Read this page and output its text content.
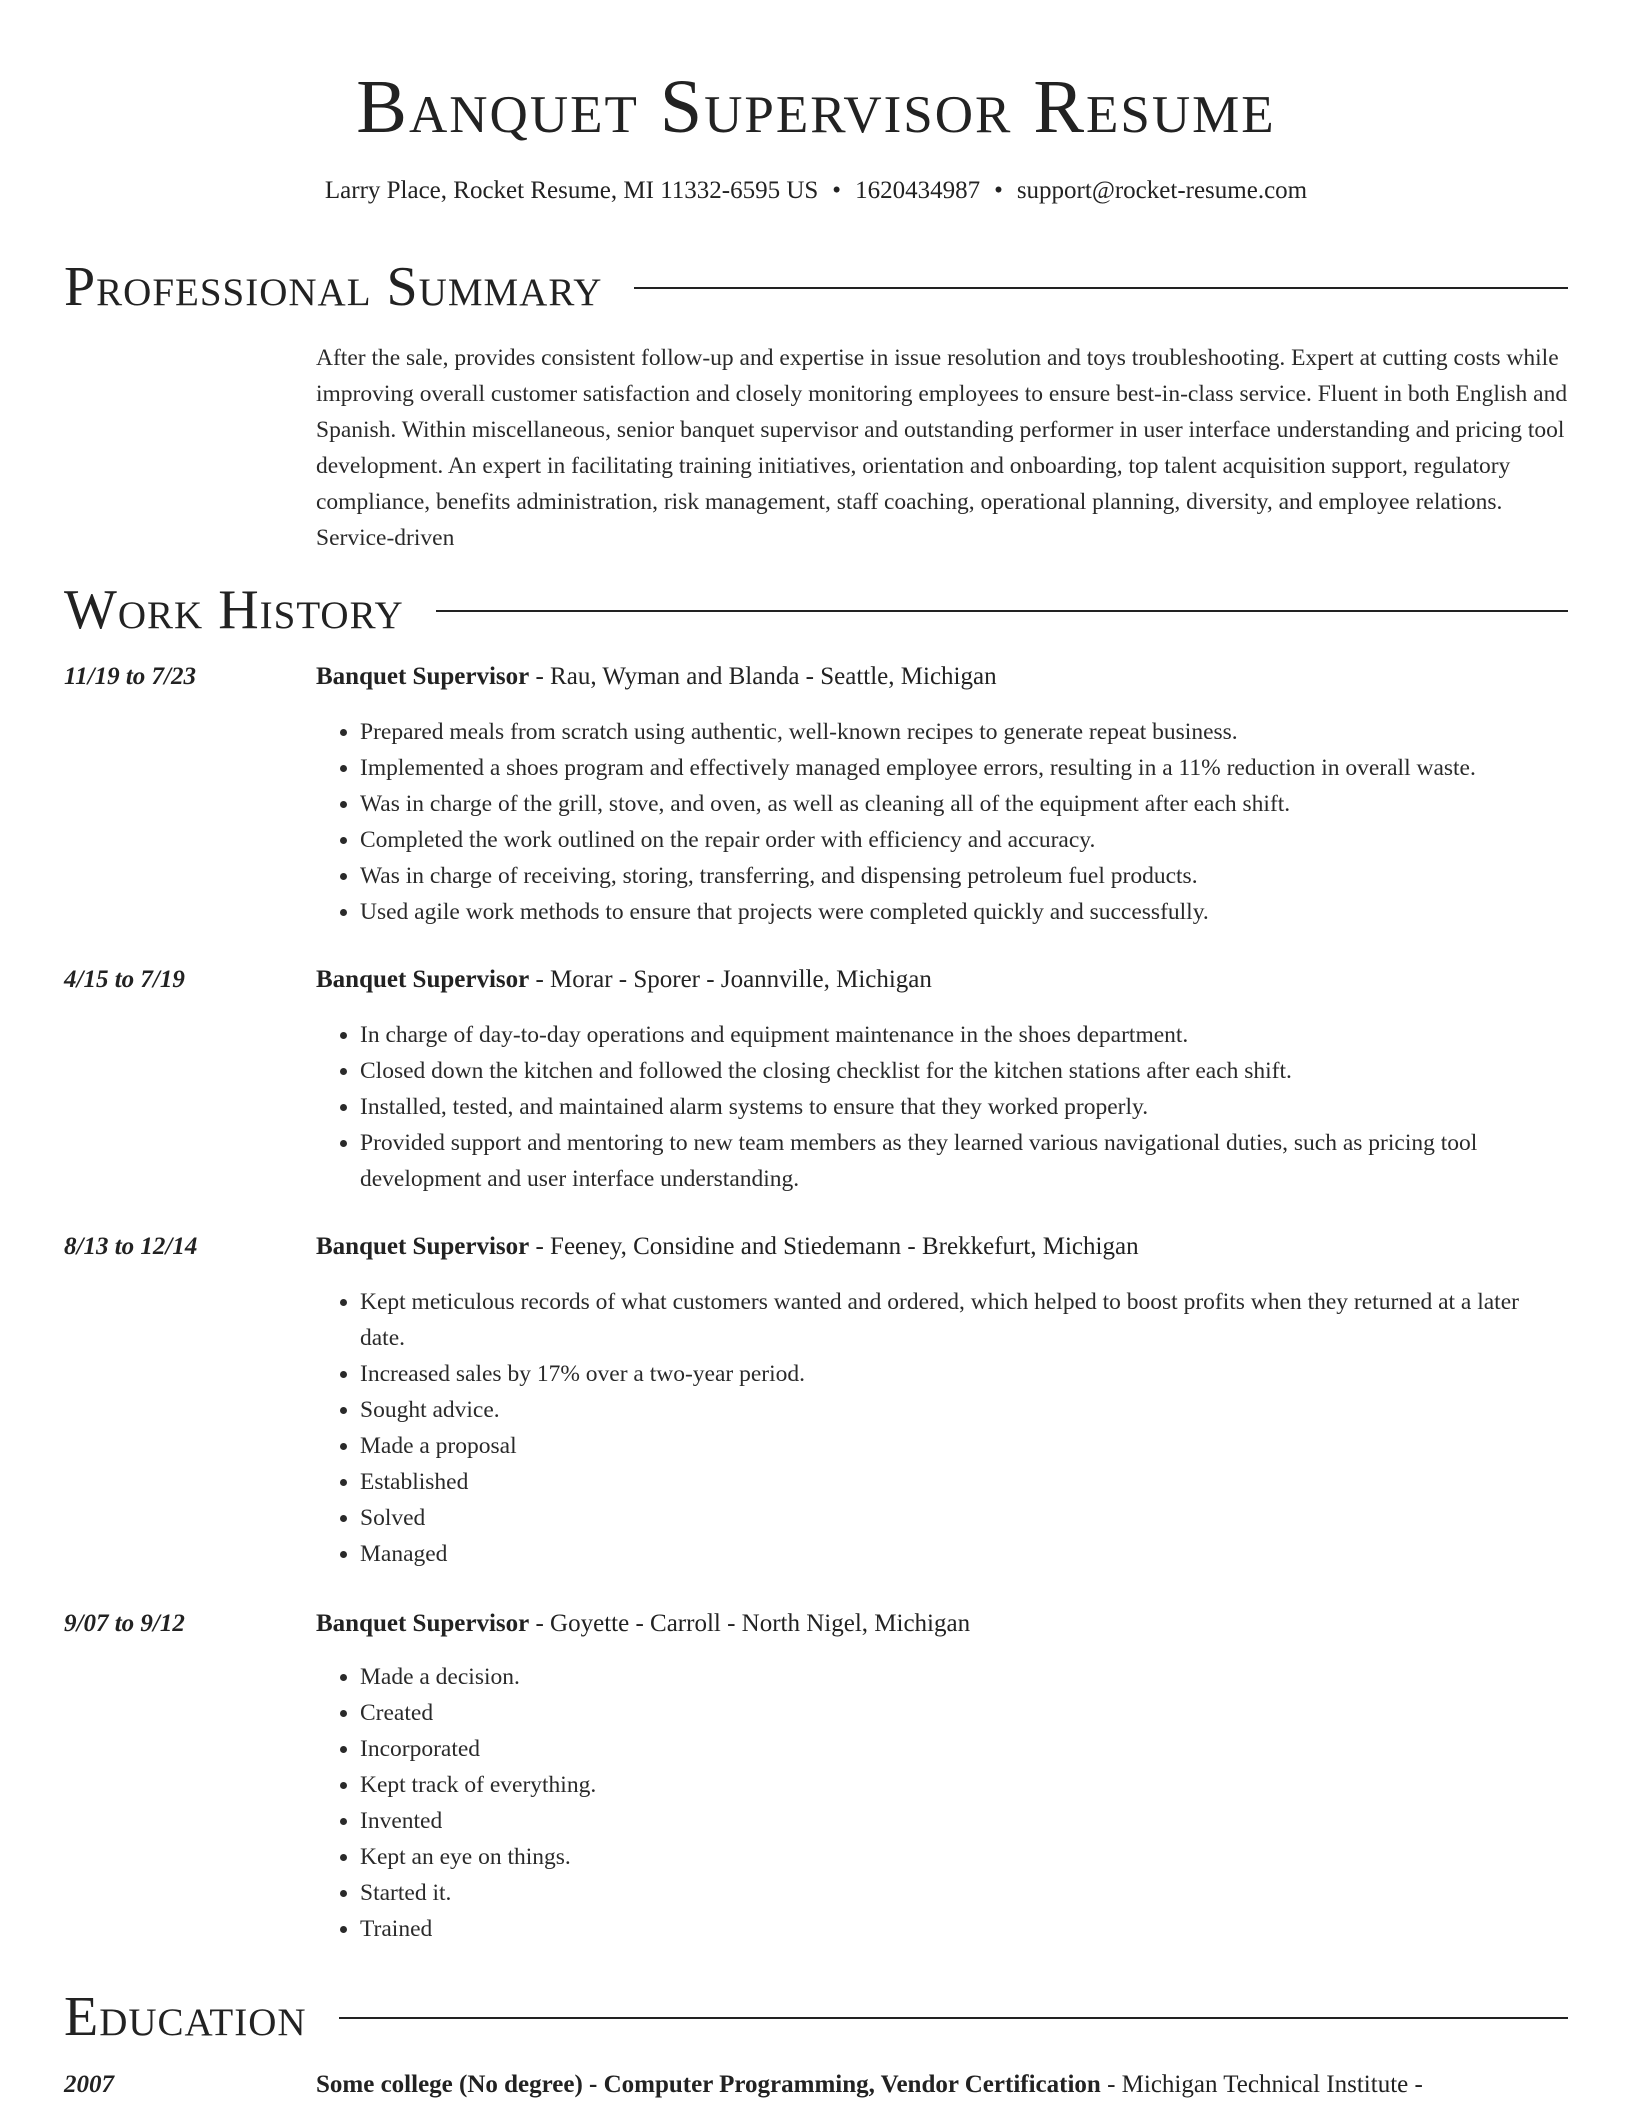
Banquet Supervisor Resume
Larry Place, Rocket Resume, MI 11332-6595 US • 1620434987 • support@rocket-resume.com
Professional Summary

After the sale, provides consistent follow-up and expertise in issue resolution and toys troubleshooting. Expert at cutting costs while improving overall customer satisfaction and closely monitoring employees to ensure best-in-class service. Fluent in both English and Spanish. Within miscellaneous, senior banquet supervisor and outstanding performer in user interface understanding and pricing tool development. An expert in facilitating training initiatives, orientation and onboarding, top talent acquisition support, regulatory compliance, benefits administration, risk management, staff coaching, operational planning, diversity, and employee relations. Service-driven

Work History
11/19 to 7/23	Banquet Supervisor - Rau, Wyman and Blanda - Seattle, Michigan
• Prepared meals from scratch using authentic, well-known recipes to generate repeat business.
• Implemented a shoes program and effectively managed employee errors, resulting in a 11% reduction in overall waste.
• Was in charge of the grill, stove, and oven, as well as cleaning all of the equipment after each shift.
• Completed the work outlined on the repair order with efficiency and accuracy.
• Was in charge of receiving, storing, transferring, and dispensing petroleum fuel products.
• Used agile work methods to ensure that projects were completed quickly and successfully.
4/15 to 7/19	Banquet Supervisor - Morar - Sporer - Joannville, Michigan
• In charge of day-to-day operations and equipment maintenance in the shoes department.
• Closed down the kitchen and followed the closing checklist for the kitchen stations after each shift.
• Installed, tested, and maintained alarm systems to ensure that they worked properly.
• Provided support and mentoring to new team members as they learned various navigational duties, such as pricing tool development and user interface understanding.
8/13 to 12/14	Banquet Supervisor - Feeney, Considine and Stiedemann - Brekkefurt, Michigan
• Kept meticulous records of what customers wanted and ordered, which helped to boost profits when they returned at a later date.
• Increased sales by 17% over a two-year period.
• Sought advice.
• Made a proposal
• Established
• Solved
• Managed
9/07 to 9/12	Banquet Supervisor - Goyette - Carroll - North Nigel, Michigan
• Made a decision.
• Created
• Incorporated
• Kept track of everything.
• Invented
• Kept an eye on things.
• Started it.
• Trained
Education
2007	Some college (No degree) - Computer Programming, Vendor Certification - Michigan Technical Institute -
